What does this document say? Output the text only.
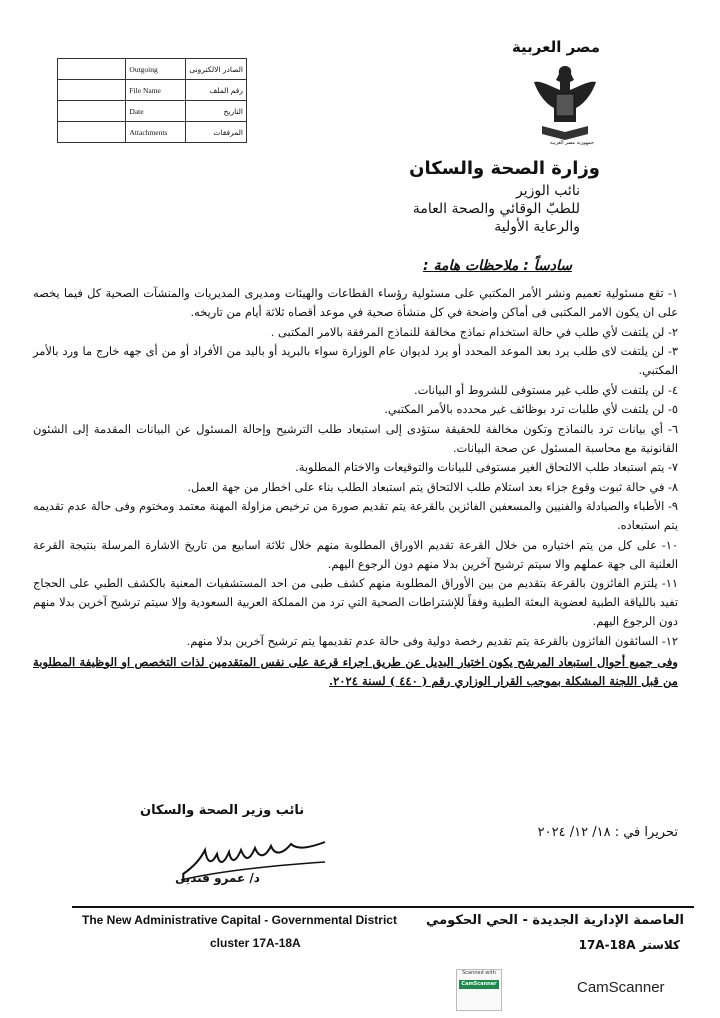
	Outgoing	الصادر الالكترونى
	File Name	رقم الملف
	Date	التاريخ
	Attachments	المرفقات
مصر العربية
جمهورية مصر العربية
وزارة الصحة والسكان
نائب الوزير
للطبّ الوقائي والصحة العامة
والرعاية الأولية
سادساً : ملاحظات هامة :

١- تقع مسئولية تعميم ونشر الأمر المكتبي على مسئولية رؤساء القطاعات والهيئات ومديرى المديريات والمنشآت الصحية كل فيما يخصه على ان يكون الامر المكتبى فى أماكن واضحة في كل منشأة صحية في موعد أقصاه ثلاثة أيام من تاريخه.

٢- لن يلتفت لأي طلب في حالة استخدام نماذج مخالفة للنماذج المرفقة بالامر المكتبى .

٣- لن يلتفت لاى طلب يرد بعد الموعد المحدد أو يرد لديوان عام الوزارة سواء بالبريد أو باليد من الأفراد أو من أى جهه خارج ما ورد بالأمر المكتبي.

٤- لن يلتفت لأي طلب غير مستوفى للشروط أو البيانات.

٥- لن يلتفت لأي طلبات ترد بوظائف غير محدده بالأمر المكتبي.

٦- أي بيانات ترد بالنماذج وتكون مخالفة للحقيقة ستؤدى إلى استبعاد طلب الترشيح وإحالة المسئول عن البيانات المقدمة إلى الشئون القانونية مع محاسبة المسئول عن صحة البيانات.

٧- يتم استبعاد طلب الالتحاق الغير مستوفى للبيانات والتوقيعات والاختام المطلوبة.

٨- في حالة ثبوت وقوع جزاء بعد استلام طلب الالتحاق يتم استبعاد الطلب بناء على اخطار من جهة العمل.

٩- الأطباء والصيادلة والفنيين والمسعفين الفائزين بالقرعة يتم تقديم صورة من ترخيص مزاولة المهنة معتمد ومختوم وفى حالة عدم تقديمه يتم استبعاده.

١٠- على كل من يتم اختياره من خلال القرعة تقديم الاوراق المطلوبة منهم خلال ثلاثة اسابيع من تاريخ الاشارة المرسلة بنتيجة القرعة العلنية الى جهة عملهم والا سيتم ترشيح آخرين بدلا منهم دون الرجوع اليهم.

١١- يلتزم الفائزون بالقرعة بتقديم من بين الأوراق المطلوبة منهم كشف طبى من احد المستشفيات المعنية بالكشف الطبي على الحجاج تفيد باللياقة الطبية لعضوية البعثة الطبية وفقاً للإشتراطات الصحية التي ترد من المملكة العربية السعودية وإلا سيتم ترشيح آخرين بدلا منهم دون الرجوع اليهم.

١٢- السائقون الفائزون بالقرعة يتم تقديم رخصة دولية وفى حالة عدم تقديمها يتم ترشيح آخرين بدلا منهم.

وفى جميع أحوال استبعاد المرشح يكون اختيار البديل عن طريق اجراء قرعة على نفس المتقدمين لذات التخصص او الوظيفة المطلوبة من قبل اللجنة المشكلة بموجب القرار الوزاري رقم ( ٤٤٠ ) لسنة ٢٠٢٤.

تحريرا في : ١٨/ ١٢/ ٢٠٢٤
نائب وزير الصحة والسكان
د/ عمرو قنديل
The New Administrative Capital - Governmental District
cluster 17A-18A
العاصمة الإدارية الجديدة - الحي الحكومي
كلاستر 17A-18A
Scanned with
CamScanner	CamScanner
